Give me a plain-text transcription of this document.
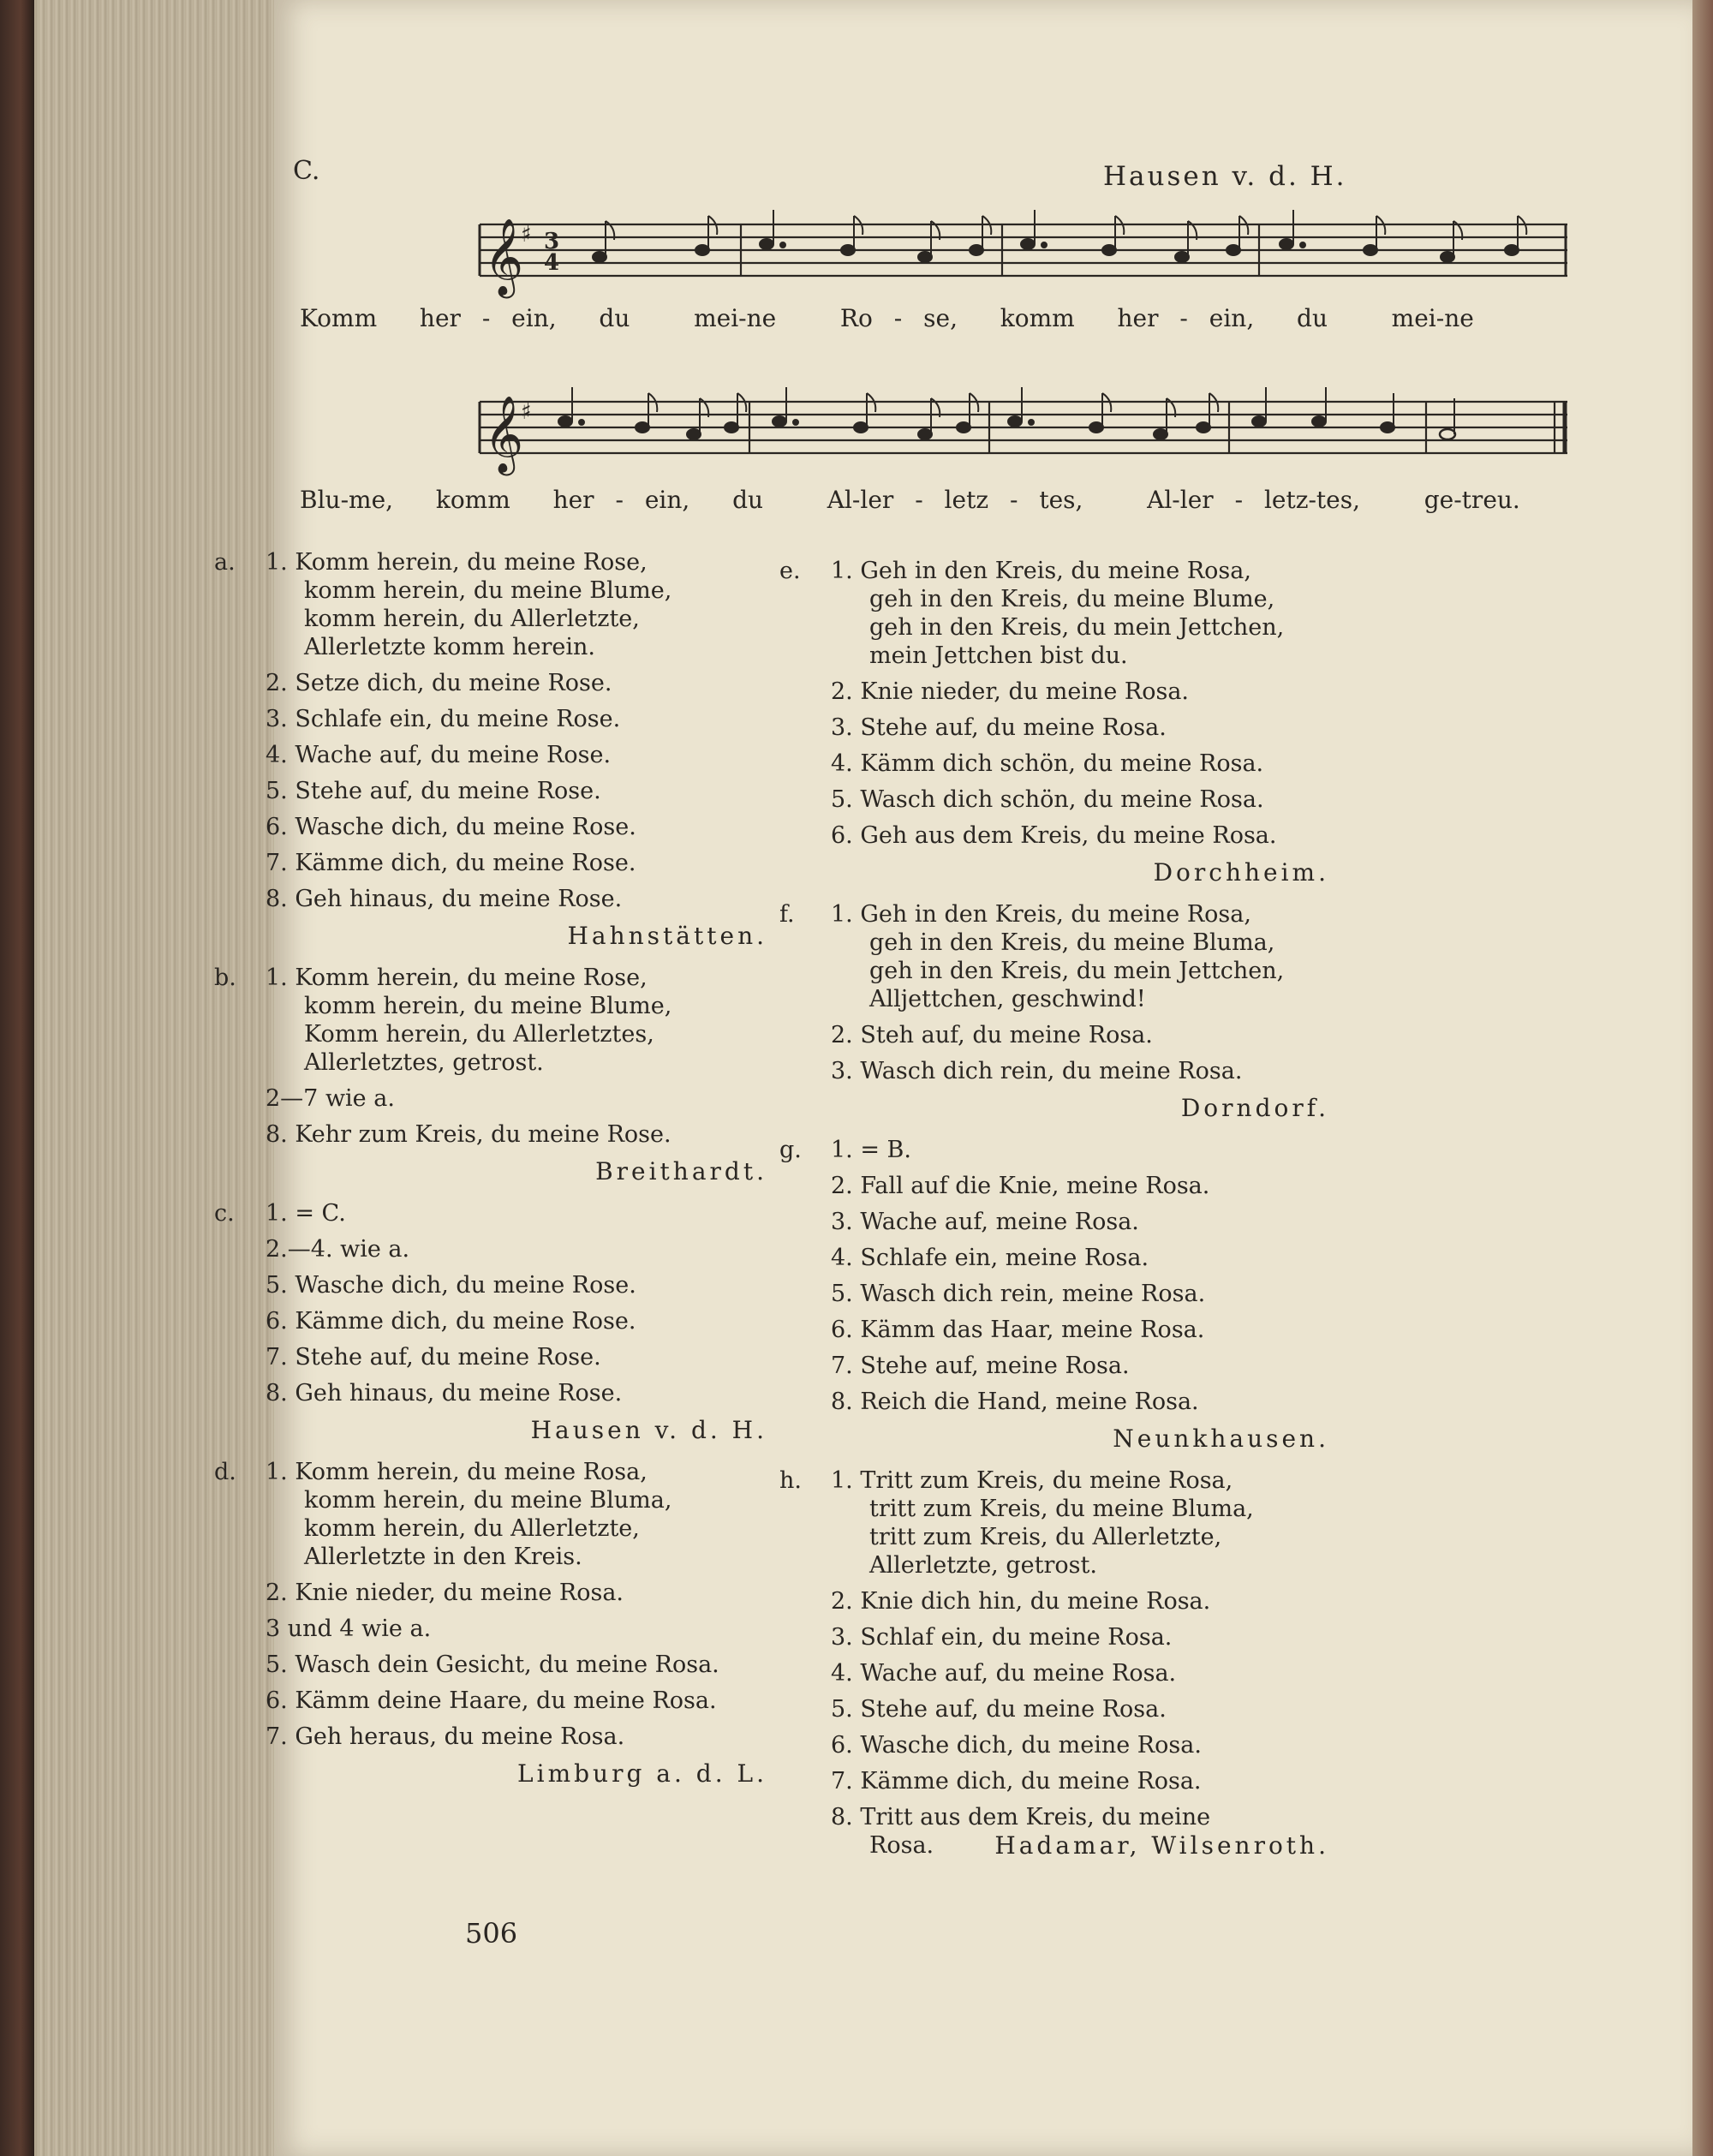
C.	Hausen v. d. H.
𝄞
♯ 3
4
Komm  her - ein,  du   mei-ne   Ro - se,  komm  her - ein,  du   mei-ne
𝄞
♯
Blu-me,  komm  her - ein,  du   Al-ler - letz - tes,   Al-ler - letz-tes,   ge-treu.
a.	1. Komm herein, du meine Rose,
komm herein, du meine Blume,
komm herein, du Allerletzte,
Allerletzte komm herein.
2. Setze dich, du meine Rose.
3. Schlafe ein, du meine Rose.
4. Wache auf, du meine Rose.
5. Stehe auf, du meine Rose.
6. Wasche dich, du meine Rose.
7. Kämme dich, du meine Rose.
8. Geh hinaus, du meine Rose.
Hahnstätten.
b.	1. Komm herein, du meine Rose,
komm herein, du meine Blume,
Komm herein, du Allerletztes,
Allerletztes, getrost.
2—7 wie a.
8. Kehr zum Kreis, du meine Rose.
Breithardt.
c.	1. = C.
2.—4. wie a.
5. Wasche dich, du meine Rose.
6. Kämme dich, du meine Rose.
7. Stehe auf, du meine Rose.
8. Geh hinaus, du meine Rose.
Hausen v. d. H.
d.	1. Komm herein, du meine Rosa,
komm herein, du meine Bluma,
komm herein, du Allerletzte,
Allerletzte in den Kreis.
2. Knie nieder, du meine Rosa.
3 und 4 wie a.
5. Wasch dein Gesicht, du meine Rosa.
6. Kämm deine Haare, du meine Rosa.
7. Geh heraus, du meine Rosa.
Limburg a. d. L.
e.	1. Geh in den Kreis, du meine Rosa,
geh in den Kreis, du meine Blume,
geh in den Kreis, du mein Jettchen,
mein Jettchen bist du.
2. Knie nieder, du meine Rosa.
3. Stehe auf, du meine Rosa.
4. Kämm dich schön, du meine Rosa.
5. Wasch dich schön, du meine Rosa.
6. Geh aus dem Kreis, du meine Rosa.
Dorchheim.
f.	1. Geh in den Kreis, du meine Rosa,
geh in den Kreis, du meine Bluma,
geh in den Kreis, du mein Jettchen,
Alljettchen, geschwind!
2. Steh auf, du meine Rosa.
3. Wasch dich rein, du meine Rosa.
Dorndorf.
g.	1. = B.
2. Fall auf die Knie, meine Rosa.
3. Wache auf, meine Rosa.
4. Schlafe ein, meine Rosa.
5. Wasch dich rein, meine Rosa.
6. Kämm das Haar, meine Rosa.
7. Stehe auf, meine Rosa.
8. Reich die Hand, meine Rosa.
Neunkhausen.
h.	1. Tritt zum Kreis, du meine Rosa,
tritt zum Kreis, du meine Bluma,
tritt zum Kreis, du Allerletzte,
Allerletzte, getrost.
2. Knie dich hin, du meine Rosa.
3. Schlaf ein, du meine Rosa.
4. Wache auf, du meine Rosa.
5. Stehe auf, du meine Rosa.
6. Wasche dich, du meine Rosa.
7. Kämme dich, du meine Rosa.
8. Tritt aus dem Kreis, du meine
Rosa.	Hadamar, Wilsenroth.
506
